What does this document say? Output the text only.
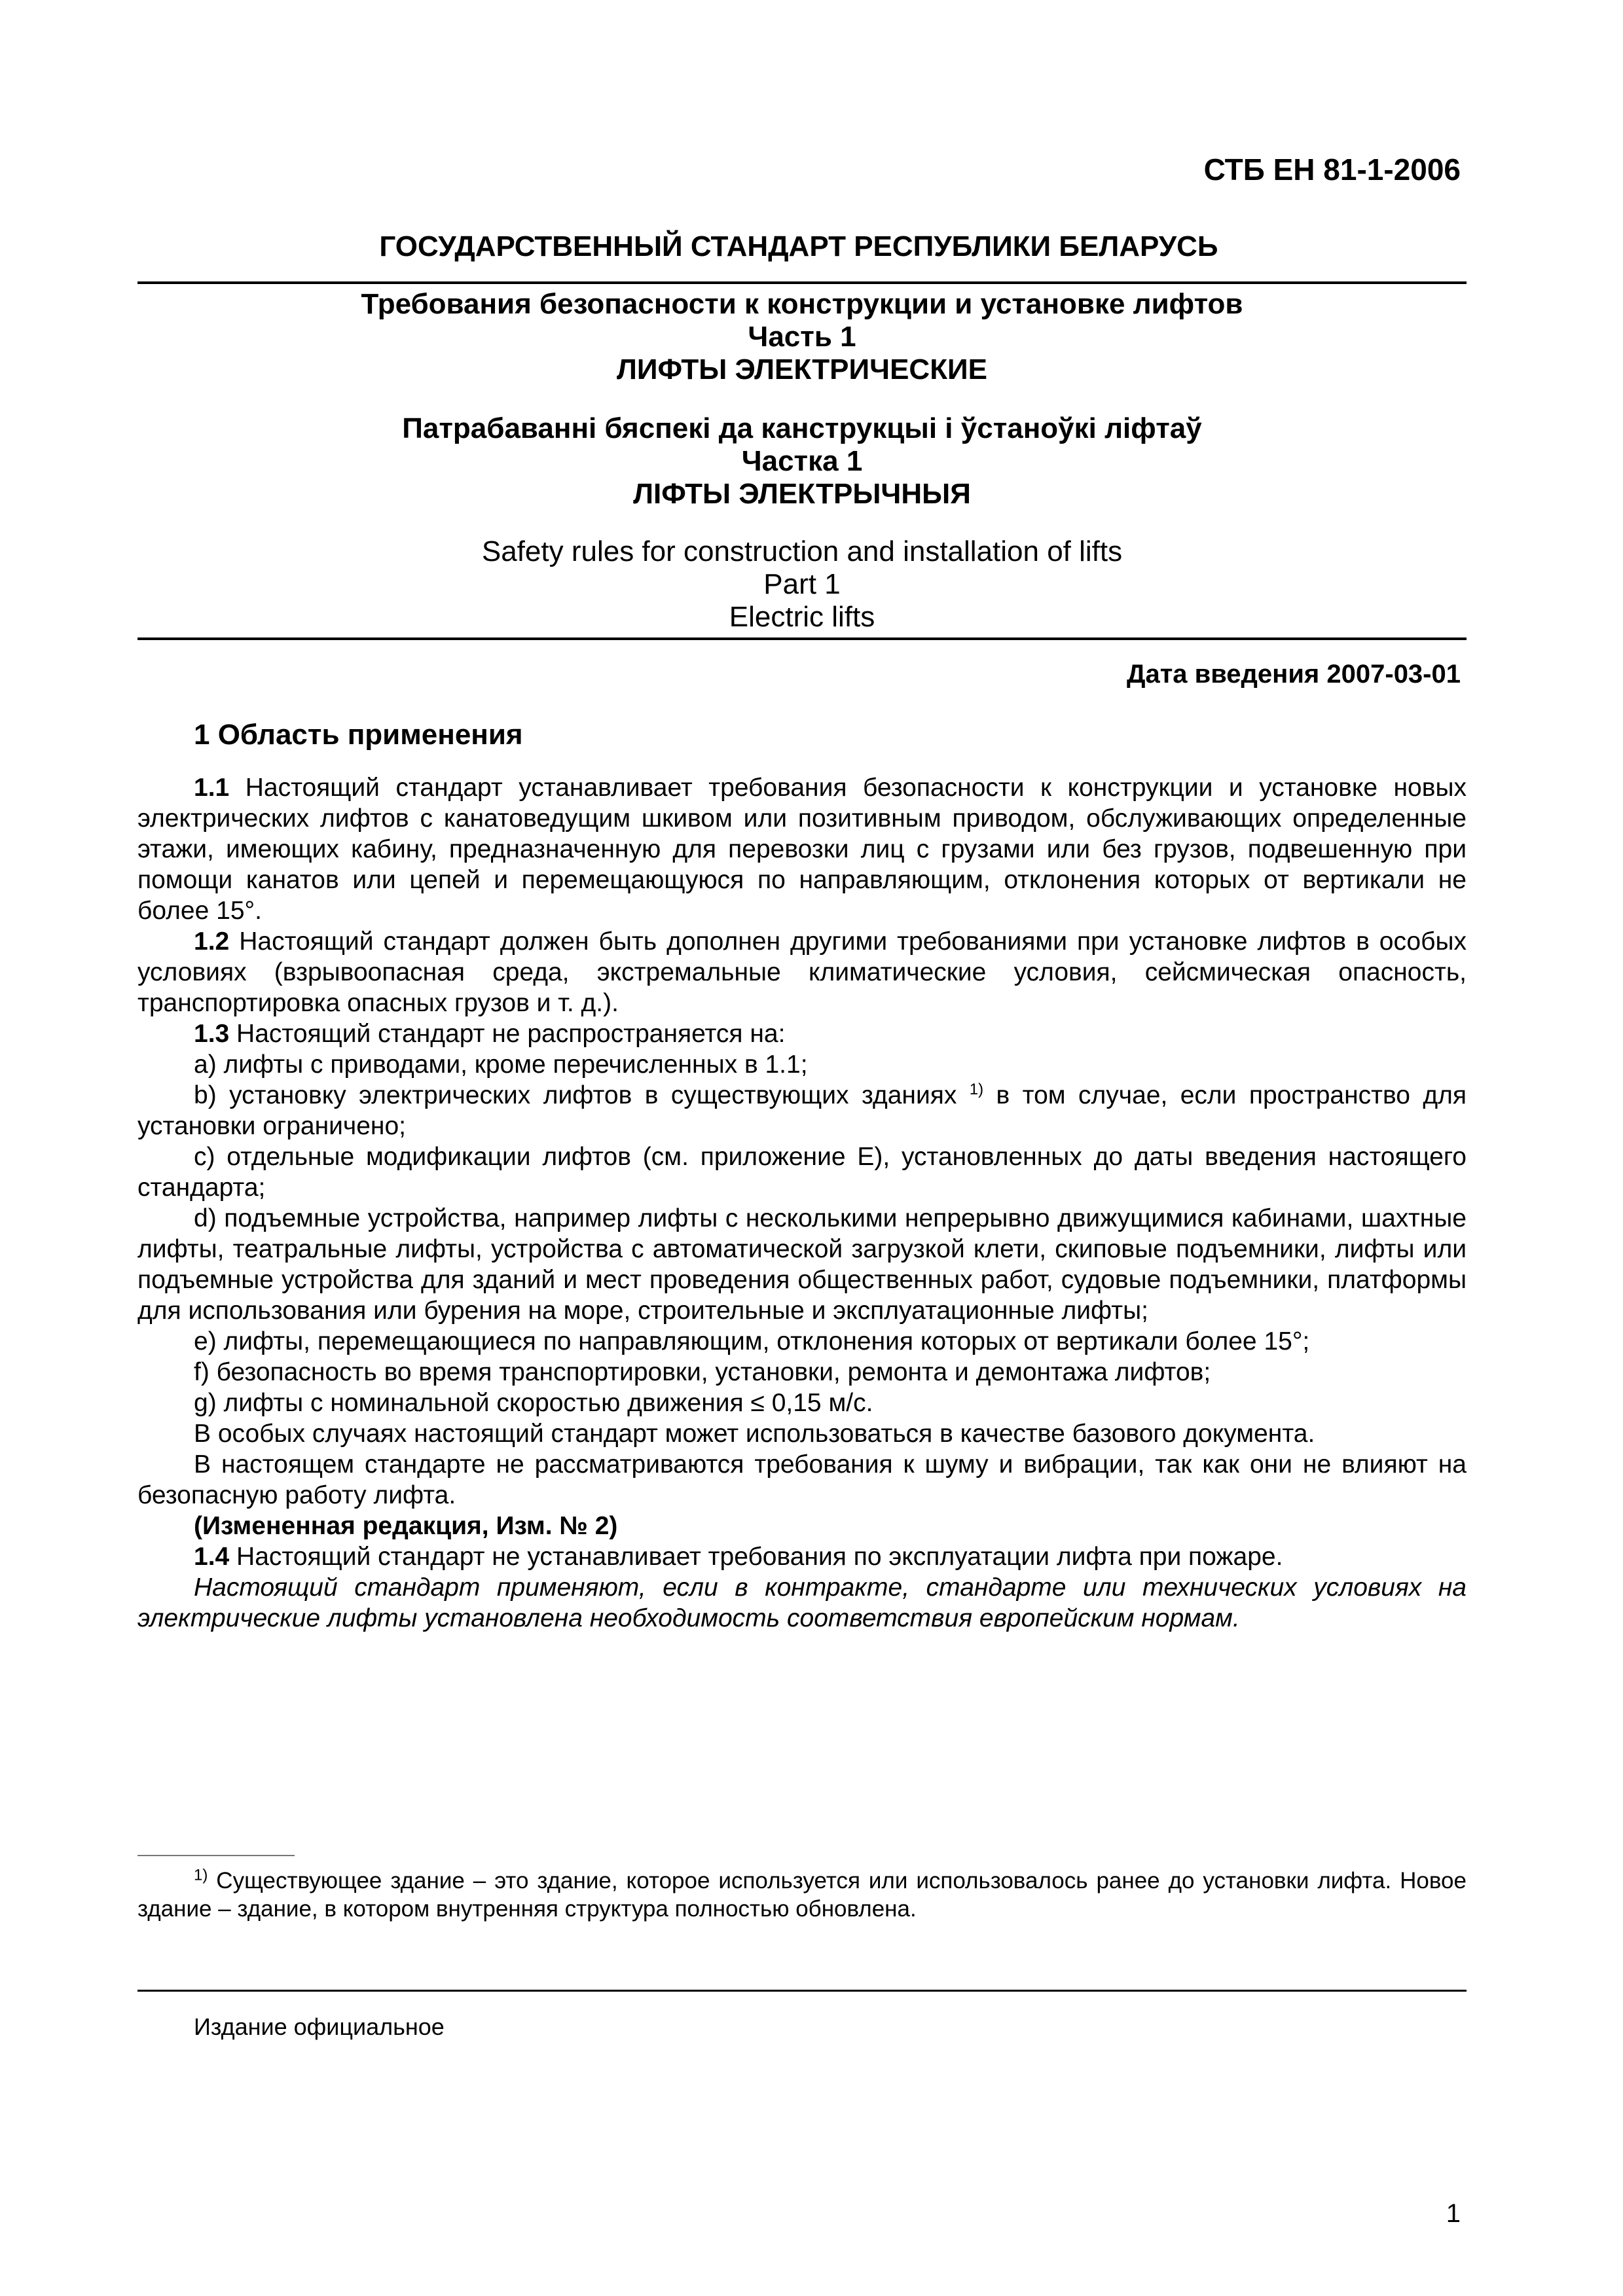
СТБ ЕН 81-1-2006
ГОСУДАРСТВЕННЫЙ СТАНДАРТ РЕСПУБЛИКИ БЕЛАРУСЬ
Требования безопасности к конструкции и установке лифтов
Часть 1
ЛИФТЫ ЭЛЕКТРИЧЕСКИЕ
Патрабаванні бяспекі да канструкцыі і ўстаноўкі ліфтаў
Частка 1
ЛІФТЫ ЭЛЕКТРЫЧНЫЯ
Safety rules for construction and installation of lifts
Part 1
Electric lifts
Дата введения 2007-03-01
1 Область применения

1.1 Настоящий стандарт устанавливает требования безопасности к конструкции и установке новых электрических лифтов с канатоведущим шкивом или позитивным приводом, обслуживающих определенные этажи, имеющих кабину, предназначенную для перевозки лиц с грузами или без грузов, подвешенную при помощи канатов или цепей и перемещающуюся по направляющим, отклонения которых от вертикали не более 15°.

1.2 Настоящий стандарт должен быть дополнен другими требованиями при установке лифтов в особых условиях (взрывоопасная среда, экстремальные климатические условия, сейсмическая опасность, транспортировка опасных грузов и т. д.).

1.3 Настоящий стандарт не распространяется на:

a) лифты с приводами, кроме перечисленных в 1.1;

b) установку электрических лифтов в существующих зданиях $^{1)}$ в том случае, если пространство для установки ограничено;

c) отдельные модификации лифтов (см. приложение Е), установленных до даты введения настоящего стандарта;

d) подъемные устройства, например лифты с несколькими непрерывно движущимися кабинами, шахтные лифты, театральные лифты, устройства с автоматической загрузкой клети, скиповые подъемники, лифты или подъемные устройства для зданий и мест проведения общественных работ, судовые подъемники, платформы для использования или бурения на море, строительные и эксплуатационные лифты;

e) лифты, перемещающиеся по направляющим, отклонения которых от вертикали более 15°;

f) безопасность во время транспортировки, установки, ремонта и демонтажа лифтов;

g) лифты с номинальной скоростью движения ≤ 0,15 м/с.

В особых случаях настоящий стандарт может использоваться в качестве базового документа.

В настоящем стандарте не рассматриваются требования к шуму и вибрации, так как они не влияют на безопасную работу лифта.

(Измененная редакция, Изм. № 2)

1.4 Настоящий стандарт не устанавливает требования по эксплуатации лифта при пожаре.

Настоящий стандарт применяют, если в контракте, стандарте или технических условиях на электрические лифты установлена необходимость соответствия европейским нормам.

$^{1)}$ Существующее здание – это здание, которое используется или использовалось ранее до установки лифта. Новое здание – здание, в котором внутренняя структура полностью обновлена.

Издание официальное
1
